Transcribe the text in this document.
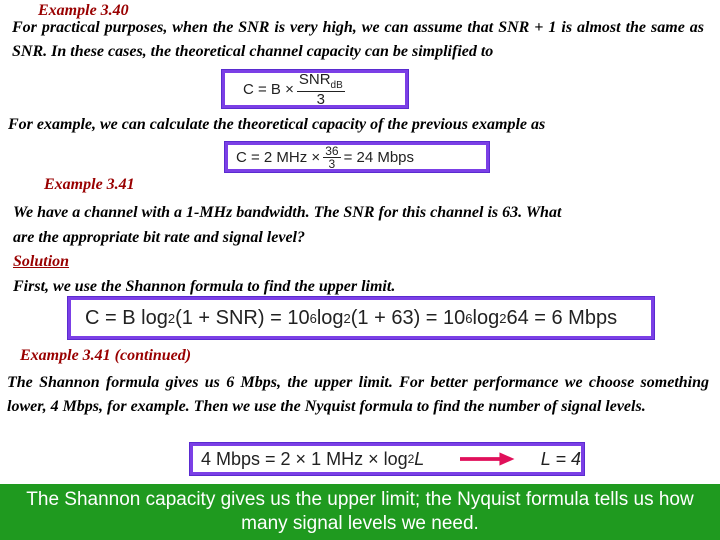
Example 3.40
For practical purposes, when the SNR is very high, we can assume that SNR + 1 is almost the same as SNR. In these cases, the theoretical channel capacity can be simplified to
$C = B \times \frac{SNR_{dB}}{3}$
For example, we can calculate the theoretical capacity of the previous example as
C = 2 MHz × $\frac{36}{3} = 24$ Mbps
Example 3.41
We have a channel with a 1-MHz bandwidth. The SNR for this channel is 63. What
are the appropriate bit rate and signal level?
Solution
First, we use the Shannon formula to find the upper limit.
C = B log 2 (1 + SNR) = 10 6 log 2 (1 + 63) = 10 6 log 2 64 = 6 Mbps
Example 3.41 (continued)
The Shannon formula gives us 6 Mbps, the upper limit. For better performance we choose something lower, 4 Mbps, for example. Then we use the Nyquist formula to find the number of signal levels.
4 Mbps = 2 × 1 MHz × log 2 L	L = 4
The Shannon capacity gives us the upper limit; the Nyquist formula tells us how many signal levels we need.
